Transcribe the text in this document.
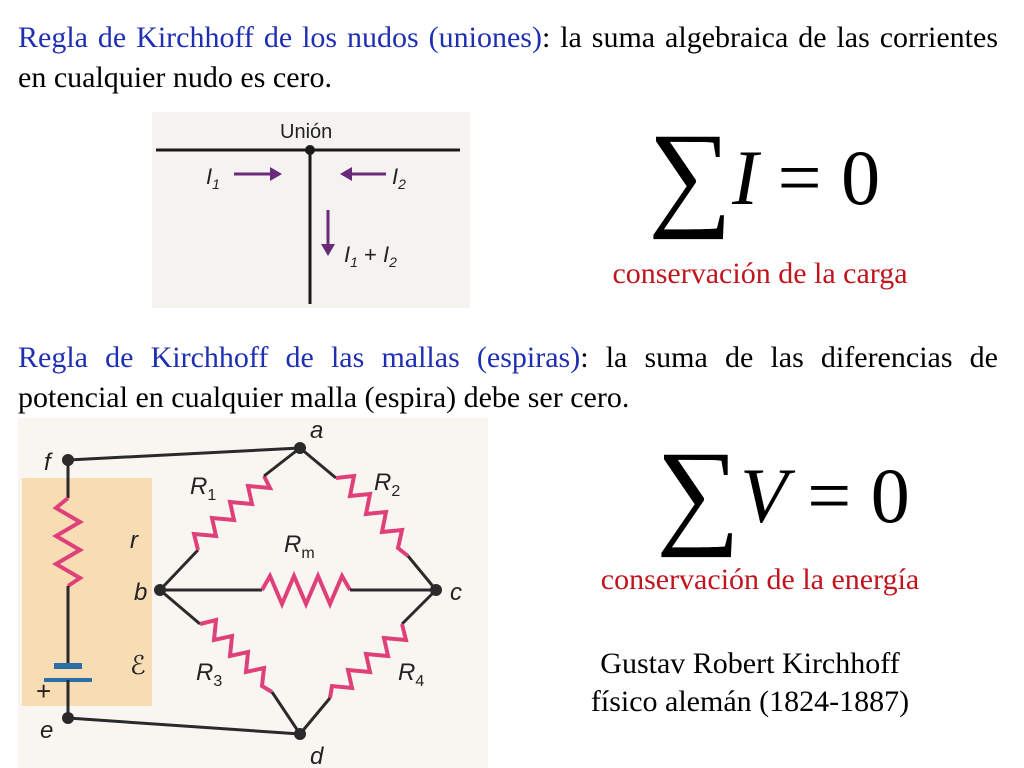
Regla de Kirchhoff de los nudos (uniones): la suma algebraica de las corrientes en cualquier nudo es cero.
Unión
$I_1$	$I_2$
$I_1 + I_2$
∑I = 0
conservación de la carga
Regla de Kirchhoff de las mallas (espiras): la suma de las diferencias de potencial en cualquier malla (espira) debe ser cero.
a
b	c
d
e
f
$R_1$	$R_2$
$R_m$
$R_3$	$R_4$
r
ℰ
+
∑V = 0
conservación de la energía
Gustav Robert Kirchhoff
físico alemán (1824-1887)
